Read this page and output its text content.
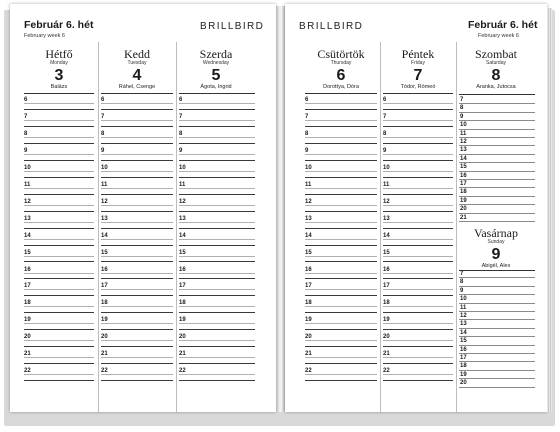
Február 6. hét
February week 6
BRILLBIRD
Hétfő
Monday
3
Balázs
Kedd
Tuesday
4
Ráhel, Csenge
Szerda
Wednesday
5
Ágota, Ingrid
6
7
8
9
10
11
12
13
14
15
16
17
18
19
20
21
22
6
7
8
9
10
11
12
13
14
15
16
17
18
19
20
21
22
6
7
8
9
10
11
12
13
14
15
16
17
18
19
20
21
22
BRILLBIRD	Február 6. hét
February week 6
Csütörtök
Thursday
6
Dorottya, Dóra
Péntek
Friday
7
Tódor, Rómeó
Szombat
Saturday
8
Aranka, Jutocsa
6
7
8
9
10
11
12
13
14
15
16
17
18
19
20
21
22
6
7
8
9
10
11
12
13
14
15
16
17
18
19
20
21
22
7
8
9
10
11
12
13
14
15
16
17
18
19
20
21
Vasárnap
Sunday
9
Abigél, Alex
7
8
9
10
11
12
13
14
15
16
17
18
19
20
